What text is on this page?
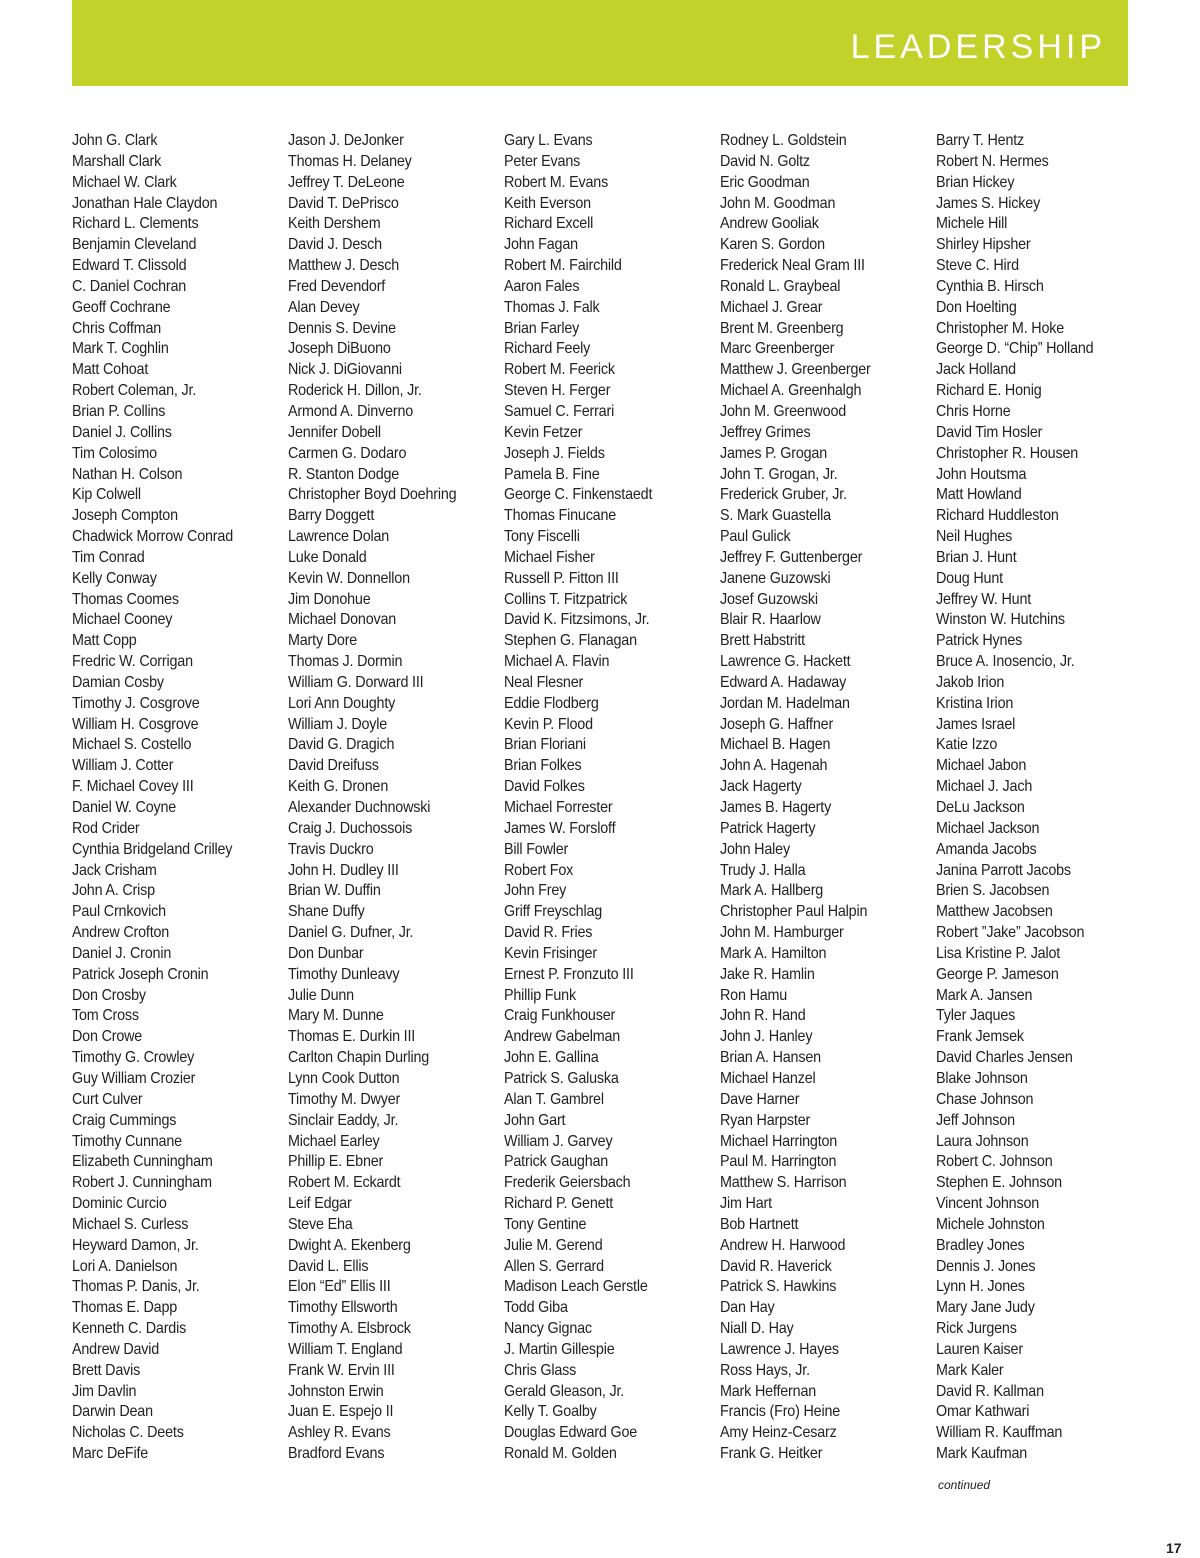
LEADERSHIP
John G. Clark
Marshall Clark
Michael W. Clark
Jonathan Hale Claydon
Richard L. Clements
Benjamin Cleveland
Edward T. Clissold
C. Daniel Cochran
Geoff Cochrane
Chris Coffman
Mark T. Coghlin
Matt Cohoat
Robert Coleman, Jr.
Brian P. Collins
Daniel J. Collins
Tim Colosimo
Nathan H. Colson
Kip Colwell
Joseph Compton
Chadwick Morrow Conrad
Tim Conrad
Kelly Conway
Thomas Coomes
Michael Cooney
Matt Copp
Fredric W. Corrigan
Damian Cosby
Timothy J. Cosgrove
William H. Cosgrove
Michael S. Costello
William J. Cotter
F. Michael Covey III
Daniel W. Coyne
Rod Crider
Cynthia Bridgeland Crilley
Jack Crisham
John A. Crisp
Paul Crnkovich
Andrew Crofton
Daniel J. Cronin
Patrick Joseph Cronin
Don Crosby
Tom Cross
Don Crowe
Timothy G. Crowley
Guy William Crozier
Curt Culver
Craig Cummings
Timothy Cunnane
Elizabeth Cunningham
Robert J. Cunningham
Dominic Curcio
Michael S. Curless
Heyward Damon, Jr.
Lori A. Danielson
Thomas P. Danis, Jr.
Thomas E. Dapp
Kenneth C. Dardis
Andrew David
Brett Davis
Jim Davlin
Darwin Dean
Nicholas C. Deets
Marc DeFife
Jason J. DeJonker
Thomas H. Delaney
Jeffrey T. DeLeone
David T. DePrisco
Keith Dershem
David J. Desch
Matthew J. Desch
Fred Devendorf
Alan Devey
Dennis S. Devine
Joseph DiBuono
Nick J. DiGiovanni
Roderick H. Dillon, Jr.
Armond A. Dinverno
Jennifer Dobell
Carmen G. Dodaro
R. Stanton Dodge
Christopher Boyd Doehring
Barry Doggett
Lawrence Dolan
Luke Donald
Kevin W. Donnellon
Jim Donohue
Michael Donovan
Marty Dore
Thomas J. Dormin
William G. Dorward III
Lori Ann Doughty
William J. Doyle
David G. Dragich
David Dreifuss
Keith G. Dronen
Alexander Duchnowski
Craig J. Duchossois
Travis Duckro
John H. Dudley III
Brian W. Duffin
Shane Duffy
Daniel G. Dufner, Jr.
Don Dunbar
Timothy Dunleavy
Julie Dunn
Mary M. Dunne
Thomas E. Durkin III
Carlton Chapin Durling
Lynn Cook Dutton
Timothy M. Dwyer
Sinclair Eaddy, Jr.
Michael Earley
Phillip E. Ebner
Robert M. Eckardt
Leif Edgar
Steve Eha
Dwight A. Ekenberg
David L. Ellis
Elon “Ed” Ellis III
Timothy Ellsworth
Timothy A. Elsbrock
William T. England
Frank W. Ervin III
Johnston Erwin
Juan E. Espejo II
Ashley R. Evans
Bradford Evans
Gary L. Evans
Peter Evans
Robert M. Evans
Keith Everson
Richard Excell
John Fagan
Robert M. Fairchild
Aaron Fales
Thomas J. Falk
Brian Farley
Richard Feely
Robert M. Feerick
Steven H. Ferger
Samuel C. Ferrari
Kevin Fetzer
Joseph J. Fields
Pamela B. Fine
George C. Finkenstaedt
Thomas Finucane
Tony Fiscelli
Michael Fisher
Russell P. Fitton III
Collins T. Fitzpatrick
David K. Fitzsimons, Jr.
Stephen G. Flanagan
Michael A. Flavin
Neal Flesner
Eddie Flodberg
Kevin P. Flood
Brian Floriani
Brian Folkes
David Folkes
Michael Forrester
James W. Forsloff
Bill Fowler
Robert Fox
John Frey
Griff Freyschlag
David R. Fries
Kevin Frisinger
Ernest P. Fronzuto III
Phillip Funk
Craig Funkhouser
Andrew Gabelman
John E. Gallina
Patrick S. Galuska
Alan T. Gambrel
John Gart
William J. Garvey
Patrick Gaughan
Frederik Geiersbach
Richard P. Genett
Tony Gentine
Julie M. Gerend
Allen S. Gerrard
Madison Leach Gerstle
Todd Giba
Nancy Gignac
J. Martin Gillespie
Chris Glass
Gerald Gleason, Jr.
Kelly T. Goalby
Douglas Edward Goe
Ronald M. Golden
Rodney L. Goldstein
David N. Goltz
Eric Goodman
John M. Goodman
Andrew Gooliak
Karen S. Gordon
Frederick Neal Gram III
Ronald L. Graybeal
Michael J. Grear
Brent M. Greenberg
Marc Greenberger
Matthew J. Greenberger
Michael A. Greenhalgh
John M. Greenwood
Jeffrey Grimes
James P. Grogan
John T. Grogan, Jr.
Frederick Gruber, Jr.
S. Mark Guastella
Paul Gulick
Jeffrey F. Guttenberger
Janene Guzowski
Josef Guzowski
Blair R. Haarlow
Brett Habstritt
Lawrence G. Hackett
Edward A. Hadaway
Jordan M. Hadelman
Joseph G. Haffner
Michael B. Hagen
John A. Hagenah
Jack Hagerty
James B. Hagerty
Patrick Hagerty
John Haley
Trudy J. Halla
Mark A. Hallberg
Christopher Paul Halpin
John M. Hamburger
Mark A. Hamilton
Jake R. Hamlin
Ron Hamu
John R. Hand
John J. Hanley
Brian A. Hansen
Michael Hanzel
Dave Harner
Ryan Harpster
Michael Harrington
Paul M. Harrington
Matthew S. Harrison
Jim Hart
Bob Hartnett
Andrew H. Harwood
David R. Haverick
Patrick S. Hawkins
Dan Hay
Niall D. Hay
Lawrence J. Hayes
Ross Hays, Jr.
Mark Heffernan
Francis (Fro) Heine
Amy Heinz-Cesarz
Frank G. Heitker
Barry T. Hentz
Robert N. Hermes
Brian Hickey
James S. Hickey
Michele Hill
Shirley Hipsher
Steve C. Hird
Cynthia B. Hirsch
Don Hoelting
Christopher M. Hoke
George D. “Chip” Holland
Jack Holland
Richard E. Honig
Chris Horne
David Tim Hosler
Christopher R. Housen
John Houtsma
Matt Howland
Richard Huddleston
Neil Hughes
Brian J. Hunt
Doug Hunt
Jeffrey W. Hunt
Winston W. Hutchins
Patrick Hynes
Bruce A. Inosencio, Jr.
Jakob Irion
Kristina Irion
James Israel
Katie Izzo
Michael Jabon
Michael J. Jach
DeLu Jackson
Michael Jackson
Amanda Jacobs
Janina Parrott Jacobs
Brien S. Jacobsen
Matthew Jacobsen
Robert ”Jake” Jacobson
Lisa Kristine P. Jalot
George P. Jameson
Mark A. Jansen
Tyler Jaques
Frank Jemsek
David Charles Jensen
Blake Johnson
Chase Johnson
Jeff Johnson
Laura Johnson
Robert C. Johnson
Stephen E. Johnson
Vincent Johnson
Michele Johnston
Bradley Jones
Dennis J. Jones
Lynn H. Jones
Mary Jane Judy
Rick Jurgens
Lauren Kaiser
Mark Kaler
David R. Kallman
Omar Kathwari
William R. Kauffman
Mark Kaufman
continued
17
